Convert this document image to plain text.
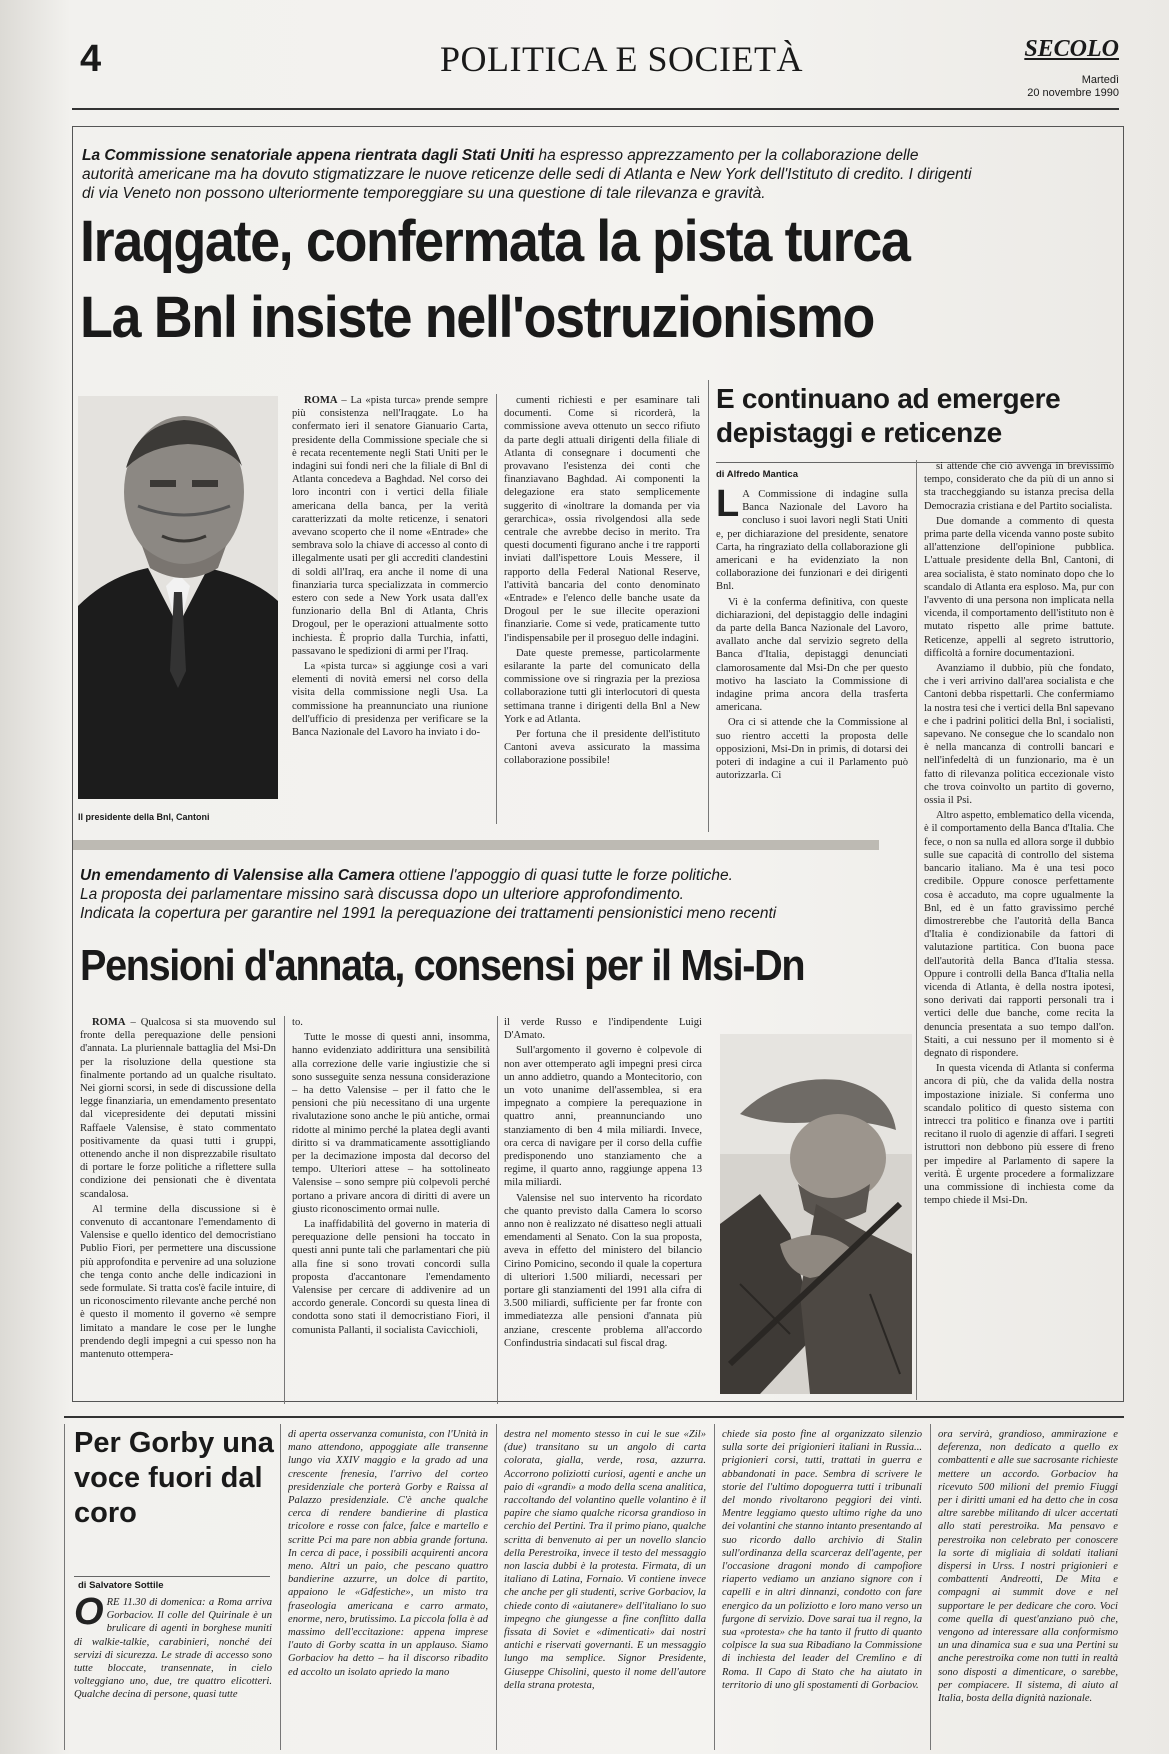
4	POLITICA E SOCIETÀ	SECOLO
Martedì
20 novembre 1990
La Commissione senatoriale appena rientrata dagli Stati Uniti ha espresso apprezzamento per la collaborazione delle autorità americane ma ha dovuto stigmatizzare le nuove reticenze delle sedi di Atlanta e New York dell'Istituto di credito. I dirigenti di via Veneto non possono ulteriormente temporeggiare su una questione di tale rilevanza e gravità.
Iraqgate, confermata la pista turca
La Bnl insiste nell'ostruzionismo
Il presidente della Bnl, Cantoni

ROMA – La «pista turca» prende sempre più consistenza nell'Iraqgate. Lo ha confermato ieri il senatore Gianuario Carta, presidente della Commissione speciale che si è recata recentemente negli Stati Uniti per le indagini sui fondi neri che la filiale di Bnl di Atlanta concedeva a Baghdad. Nel corso dei loro incontri con i vertici della filiale americana della banca, per la verità caratterizzati da molte reticenze, i senatori avevano scoperto che il nome «Entrade» che sembrava solo la chiave di accesso al conto di illegalmente usati per gli accrediti clandestini di soldi all'Iraq, era anche il nome di una finanziaria turca specializzata in commercio estero con sede a New York usata dall'ex funzionario della Bnl di Atlanta, Chris Drogoul, per le operazioni attualmente sotto inchiesta. È proprio dalla Turchia, infatti, passavano le spedizioni di armi per l'Iraq.

La «pista turca» si aggiunge così a vari elementi di novità emersi nel corso della visita della commissione negli Usa. La commissione ha preannunciato una riunione dell'ufficio di presidenza per verificare se la Banca Nazionale del Lavoro ha inviato i do-

cumenti richiesti e per esaminare tali documenti. Come si ricorderà, la commissione aveva ottenuto un secco rifiuto da parte degli attuali dirigenti della filiale di Atlanta di consegnare i documenti che provavano l'esistenza dei conti che finanziavano Baghdad. Ai componenti la delegazione era stato semplicemente suggerito di «inoltrare la domanda per via gerarchica», ossia rivolgendosi alla sede centrale che avrebbe deciso in merito. Tra questi documenti figurano anche i tre rapporti inviati dall'ispettore Louis Messere, il rapporto della Federal National Reserve, l'attività bancaria del conto denominato «Entrade» e l'elenco delle banche usate da Drogoul per le sue illecite operazioni finanziarie. Come si vede, praticamente tutto l'indispensabile per il proseguo delle indagini.

Date queste premesse, particolarmente esilarante la parte del comunicato della commissione ove si ringrazia per la preziosa collaborazione tutti gli interlocutori di questa settimana tranne i dirigenti della Bnl a New York e ad Atlanta.

Per fortuna che il presidente dell'istituto Cantoni aveva assicurato la massima collaborazione possibile!

E continuano ad emergere depistaggi e reticenze
di Alfredo Mantica

L A Commissione di indagine sulla Banca Nazionale del Lavoro ha concluso i suoi lavori negli Stati Uniti e, per dichiarazione del presidente, senatore Carta, ha ringraziato della collaborazione gli americani e ha evidenziato la non collaborazione dei funzionari e dei dirigenti Bnl.

Vi è la conferma definitiva, con queste dichiarazioni, del depistaggio delle indagini da parte della Banca Nazionale del Lavoro, avallato anche dal servizio segreto della Banca d'Italia, depistaggi denunciati clamorosamente dal Msi-Dn che per questo motivo ha lasciato la Commissione di indagine prima ancora della trasferta americana.

Ora ci si attende che la Commissione al suo rientro accetti la proposta delle opposizioni, Msi-Dn in primis, di dotarsi dei poteri di indagine a cui il Parlamento può autorizzarla. Ci

si attende che ciò avvenga in brevissimo tempo, considerato che da più di un anno si sta traccheggiando su istanza precisa della Democrazia cristiana e del Partito socialista.

Due domande a commento di questa prima parte della vicenda vanno poste subito all'attenzione dell'opinione pubblica. L'attuale presidente della Bnl, Cantoni, di area socialista, è stato nominato dopo che lo scandalo di Atlanta era esploso. Ma, pur con l'avvento di una persona non implicata nella vicenda, il comportamento dell'istituto non è mutato rispetto alle prime battute. Reticenze, appelli al segreto istruttorio, difficoltà a fornire documentazioni.

Avanziamo il dubbio, più che fondato, che i veri arrivino dall'area socialista e che Cantoni debba rispettarli. Che confermiamo la nostra tesi che i vertici della Bnl sapevano e che i padrini politici della Bnl, i socialisti, sapevano. Ne consegue che lo scandalo non è nella mancanza di controlli bancari e nell'infedeltà di un funzionario, ma è un fatto di rilevanza politica eccezionale visto che trova coinvolto un partito di governo, ossia il Psi.

Altro aspetto, emblematico della vicenda, è il comportamento della Banca d'Italia. Che fece, o non sa nulla ed allora sorge il dubbio sulle sue capacità di controllo del sistema bancario italiano. Ma è una tesi poco credibile. Oppure conosce perfettamente cosa è accaduto, ma copre ugualmente la Bnl, ed è un fatto gravissimo perché dimostrerebbe che l'autorità della Banca d'Italia è condizionabile da fattori di valutazione partitica. Con buona pace dell'autorità della Banca d'Italia stessa. Oppure i controlli della Banca d'Italia nella vicenda di Atlanta, è della nostra ipotesi, sono derivati dai rapporti personali tra i vertici delle due banche, come recita la denuncia presentata a suo tempo dall'on. Staiti, a cui nessuno per il momento si è degnato di rispondere.

In questa vicenda di Atlanta si conferma ancora di più, che da valida della nostra impostazione iniziale. Si conferma uno scandalo politico di questo sistema con intrecci tra politico e finanza ove i partiti recitano il ruolo di agenzie di affari. I segreti istruttori non debbono più essere di freno per impedire al Parlamento di sapere la verità. È urgente procedere a formalizzare una commissione di inchiesta come da tempo chiede il Msi-Dn.

Un emendamento di Valensise alla Camera ottiene l'appoggio di quasi tutte le forze politiche.
La proposta dei parlamentare missino sarà discussa dopo un ulteriore approfondimento.
Indicata la copertura per garantire nel 1991 la perequazione dei trattamenti pensionistici meno recenti
Pensioni d'annata, consensi per il Msi-Dn

ROMA – Qualcosa si sta muovendo sul fronte della perequazione delle pensioni d'annata. La pluriennale battaglia del Msi-Dn per la risoluzione della questione sta finalmente portando ad un qualche risultato. Nei giorni scorsi, in sede di discussione della legge finanziaria, un emendamento presentato dal vicepresidente dei deputati missini Raffaele Valensise, è stato commentato positivamente da quasi tutti i gruppi, ottenendo anche il non disprezzabile risultato di portare le forze politiche a riflettere sulla condizione dei pensionati che è diventata scandalosa.

Al termine della discussione si è convenuto di accantonare l'emendamento di Valensise e quello identico del democristiano Publio Fiori, per permettere una discussione più approfondita e pervenire ad una soluzione che tenga conto anche delle indicazioni in sede formulate. Si tratta cos'è facile intuire, di un riconoscimento rilevante anche perché non è questo il momento il governo «è sempre limitato a mandare le cose per le lunghe prendendo degli impegni a cui spesso non ha mantenuto ottempera-

to.

Tutte le mosse di questi anni, insomma, hanno evidenziato addirittura una sensibilità alla correzione delle varie ingiustizie che si sono susseguite senza nessuna considerazione – ha detto Valensise – per il fatto che le pensioni che più necessitano di una urgente rivalutazione sono anche le più antiche, ormai ridotte al minimo perché la platea degli avanti diritto si va drammaticamente assottigliando per la decimazione imposta dal decorso del tempo. Ulteriori attese – ha sottolineato Valensise – sono sempre più colpevoli perché portano a privare ancora di diritti di avere un giusto riconoscimento ormai nulle.

La inaffidabilità del governo in materia di perequazione delle pensioni ha toccato in questi anni punte tali che parlamentari che più alla fine si sono trovati concordi sulla proposta d'accantonare l'emendamento Valensise per cercare di addivenire ad un accordo generale. Concordi su questa linea di condotta sono stati il democristiano Fiori, il comunista Pallanti, il socialista Cavicchioli,

il verde Russo e l'indipendente Luigi D'Amato.

Sull'argomento il governo è colpevole di non aver ottemperato agli impegni presi circa un anno addietro, quando a Montecitorio, con un voto unanime dell'assemblea, si era impegnato a compiere la perequazione in quattro anni, preannunciando uno stanziamento di ben 4 mila miliardi. Invece, ora cerca di navigare per il corso della cuffie predisponendo uno stanziamento che a regime, il quarto anno, raggiunge appena 13 mila miliardi.

Valensise nel suo intervento ha ricordato che quanto previsto dalla Camera lo scorso anno non è realizzato né disatteso negli attuali emendamenti al Senato. Con la sua proposta, aveva in effetto del ministero del bilancio Cirino Pomicino, secondo il quale la copertura di ulteriori 1.500 miliardi, necessari per portare gli stanziamenti del 1991 alla cifra di 3.500 miliardi, sufficiente per far fronte con immediatezza alle pensioni d'annata più anziane, crescente problema all'accordo Confindustria sindacati sul fiscal drag.

Per Gorby una voce fuori dal coro
di Salvatore Sottile

ORE 11.30 di domenica: a Roma arriva Gorbaciov. Il colle del Quirinale è un brulicare di agenti in borghese muniti di walkie-talkie, carabinieri, nonché dei servizi di sicurezza. Le strade di accesso sono tutte bloccate, transennate, in cielo volteggiano uno, due, tre quattro elicotteri. Qualche decina di persone, quasi tutte

di aperta osservanza comunista, con l'Unità in mano attendono, appoggiate alle transenne lungo via XXIV maggio e la grado ad una crescente frenesia, l'arrivo del corteo presidenziale che porterà Gorby e Raissa al Palazzo presidenziale. C'è anche qualche cerca di rendere bandierine di plastica tricolore e rosse con falce, falce e martello e scritte Pci ma pare non abbia grande fortuna. In cerca di pace, i possibili acquirenti ancora meno. Altri un paio, che pescano quattro bandierine azzurre, un dolce di partito, appaiono le «Gdfestiche», un misto tra fraseologia americana e carro armato, enorme, nero, brutissimo. La piccola folla è ad massimo dell'eccitazione: appena imprese l'auto di Gorby scatta in un applauso. Siamo Gorbaciov ha detto – ha il discorso ribadito ed accolto un isolato apriedo la mano

destra nel momento stesso in cui le sue «Zil» (due) transitano su un angolo di carta colorata, gialla, verde, rosa, azzurra. Accorrono poliziotti curiosi, agenti e anche un paio di «grandi» a modo della scena analitica, raccoltando del volantino quelle volantino è il papire che siamo qualche ricorsa grandioso in cerchio del Pertini. Tra il primo piano, qualche scritta di benvenuto ai per un novello slancio della Perestroika, invece il testo del messaggio non lascia dubbi è la protesta. Firmata, di un italiano di Latina, Fornaio. Vi contiene invece che anche per gli studenti, scrive Gorbaciov, la chiede conto di «aiutanere» dell'italiano lo suo impegno che giungesse a fine conflitto dalla fissata di Soviet e «dimenticati» dai nostri antichi e riservati governanti. E un messaggio lungo ma semplice. Signor Presidente, Giuseppe Chisolini, questo il nome dell'autore della strana protesta,

chiede sia posto fine al organizzato silenzio sulla sorte dei prigionieri italiani in Russia... prigionieri corsi, tutti, trattati in guerra e abbandonati in pace. Sembra di scrivere le storie del l'ultimo dopoguerra tutti i tribunali del mondo rivoltarono peggiori dei vinti. Mentre leggiamo questo ultimo righe da uno dei volantini che stanno intanto presentando al suo ricordo dallo archivio di Stalin sull'ordinanza della scarceraz dell'agente, per l'occasione dragoni mondo di campofiore riaperto vediamo un anziano signore con i capelli e in altri dinnanzi, condotto con fare energico da un poliziotto e loro mano verso un furgone di servizio. Dove sarai tua il regno, la sua «protesta» che ha tanto il frutto di quanto colpisce la sua sua Ribadiano la Commissione di inchiesta del leader del Cremlino e di Roma. Il Capo di Stato che ha aiutato in territorio di uno gli spostamenti di Gorbaciov.

ora servirà, grandioso, ammirazione e deferenza, non dedicato a quello ex combattenti e alle sue sacrosante richieste mettere un accordo. Gorbaciov ha ricevuto 500 milioni del premio Fiuggi per i diritti umani ed ha detto che in cosa altre sarebbe militando di ulcer accertati allo stati perestroika. Ma pensavo e perestroika non celebrato per conoscere la sorte di migliaia di soldati italiani dispersi in Urss. I nostri prigionieri e combattenti Andreotti, De Mita e compagni ai summit dove e nel supportare le per dedicare che coro. Voci come quella di quest'anziano può che, vengono ad interessare alla conformismo un una dinamica sua e sua una Pertini su anche perestroika come non tutti in realtà sono disposti a dimenticare, o sarebbe, per compiacere. Il sistema, di aiuto al Italia, bosta della dignità nazionale.
